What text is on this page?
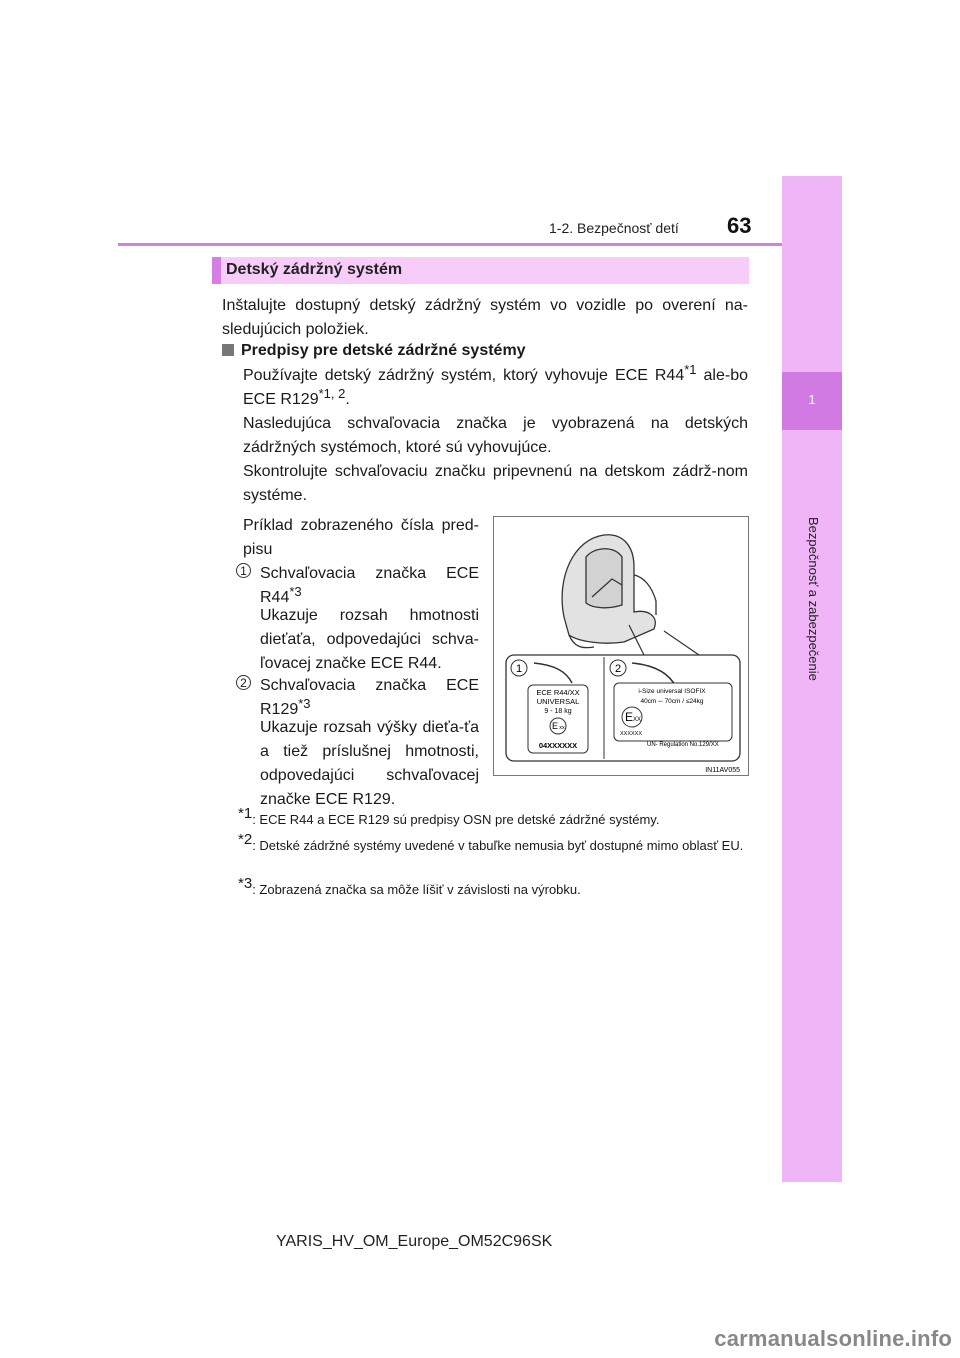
1-2. Bezpečnosť detí 63
1
Detský zádržný systém
Inštalujte dostupný detský zádržný systém vo vozidle po overení na-sledujúcich položiek.
Predpisy pre detské zádržné systémy
Používajte detský zádržný systém, ktorý vyhovuje ECE R44$^{*1}$ ale-bo ECE R129$^{*1, 2}$.
Nasledujúca schvaľovacia značka je vyobrazená na detských zádržných systémoch, ktoré sú vyhovujúce.
Skontrolujte schvaľovaciu značku pripevnenú na detskom zádrž-nom systéme.
Príklad zobrazeného čísla pred-pisu
1 Schvaľovacia značka ECE R44$^{*3}$
Ukazuje rozsah hmotnosti dieťaťa, odpovedajúci schva-ľovacej značke ECE R44.
2 Schvaľovacia značka ECE R129$^{*3}$
Ukazuje rozsah výšky dieťa-ťa a tiež príslušnej hmotnosti, odpovedajúci schvaľovacej značke ECE R129.
1	2
ECE R44/XX
UNIVERSAL
9 - 18 kg
E xx
04XXXXXX
i-Size universal ISOFIX
40cm ─ 70cm / ≤24kg
E XX
XXXXXX
UN- Regulation No.129/XX
IN11AV055
*1: ECE R44 a ECE R129 sú predpisy OSN pre detské zádržné systémy.
*2: Detské zádržné systémy uvedené v tabuľke nemusia byť dostupné mimo oblasť EU.
*3: Zobrazená značka sa môže líšiť v závislosti na výrobku.
YARIS_HV_OM_Europe_OM52C96SK
carmanualsonline.info
